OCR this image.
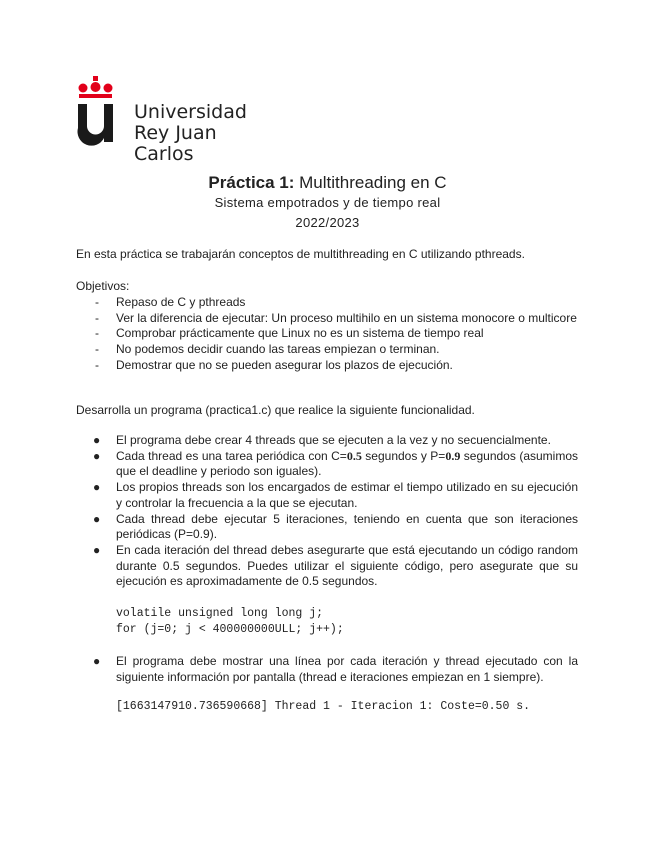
Universidad
Rey Juan Carlos
Práctica 1: Multithreading en C
Sistema empotrados y de tiempo real
2022/2023
En esta práctica se trabajarán conceptos de multithreading en C utilizando pthreads.
Objetivos:
- Repaso de C y pthreads
- Ver la diferencia de ejecutar: Un proceso multihilo en un sistema monocore o multicore
- Comprobar prácticamente que Linux no es un sistema de tiempo real
- No podemos decidir cuando las tareas empiezan o terminan.
- Demostrar que no se pueden asegurar los plazos de ejecución.
Desarrolla un programa (practica1.c) que realice la siguiente funcionalidad.
● El programa debe crear 4 threads que se ejecuten a la vez y no secuencialmente.
● Cada thread es una tarea periódica con C=0.5 segundos y P=0.9 segundos (asumimos que el deadline y periodo son iguales).
● Los propios threads son los encargados de estimar el tiempo utilizado en su ejecución y controlar la frecuencia a la que se ejecutan.
● Cada thread debe ejecutar 5 iteraciones, teniendo en cuenta que son iteraciones periódicas (P=0.9).
● En cada iteración del thread debes asegurarte que está ejecutando un código random durante 0.5 segundos. Puedes utilizar el siguiente código, pero asegurate que su ejecución es aproximadamente de 0.5 segundos.
volatile unsigned long long j;
for (j=0; j < 400000000ULL; j++);
● El programa debe mostrar una línea por cada iteración y thread ejecutado con la siguiente información por pantalla (thread e iteraciones empiezan en 1 siempre).
[1663147910.736590668] Thread 1 - Iteracion 1: Coste=0.50 s.
